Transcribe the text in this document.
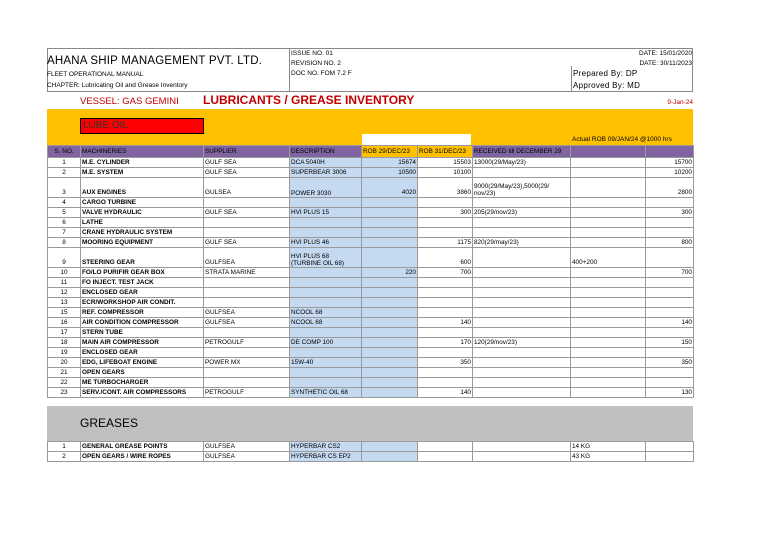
AHANA SHIP MANAGEMENT PVT. LTD.
FLEET OPERATIONAL MANUAL
CHAPTER: Lubricating Oil and Grease Inventory
ISSUE NO. 01
REVISION NO. 2
DOC NO. FOM 7.2 F
DATE: 15/01/2020
DATE: 30/11/2023
Prepared By: DP
Approved By: MD
VESSEL: GAS GEMINI LUBRICANTS / GREASE INVENTORY	9-Jan-24
LUBE OIL
Actual ROB 09/JAN/24 @1000 hrs
S. NO.	MACHINERIES	SUPPLIER	DESCRIPTION	ROB 29/DEC/23	ROB 31/DEC/23	RECEIVED till DECEMBER 29		
1	M.E. CYLINDER	GULF SEA	DCA 5040H	15674	15503	13000(29/May/23)		15700
2	M.E. SYSTEM	GULF SEA	SUPERBEAR 3006	10500	10100			10200
3	AUX ENGINES	GULSEA	POWER 3030	4020	3860	9000(29/May/23),5000(29/ nov/23)		2800
4	CARGO TURBINE							
5	VALVE HYDRAULIC	GULF SEA	HVI PLUS 15		300	205(29/nov/23)		300
6	LATHE							
7	CRANE HYDRAULIC SYSTEM							
8	MOORING EQUIPMENT	GULF SEA	HVI PLUS 46		1175	820(29/may/23)		800
9	STEERING GEAR	GULFSEA	HVI PLUS 68 (TURBINE OIL 68)		600		400+200	
10	FO/LO PURIFIR GEAR BOX	STRATA MARINE		220	700			700
11	FO INJECT. TEST JACK							
12	ENCLOSED GEAR							
13	ECR/WORKSHOP AIR CONDIT.							
15	REF. COMPRESSOR	GULFSEA	NCOOL 68					
16	AIR CONDITION COMPRESSOR	GULFSEA	NCOOL 68		140			140
17	STERN TUBE							
18	MAIN AIR COMPRESSOR	PETROGULF	DE COMP 100		170	120(29/nov/23)		150
19	ENCLOSED GEAR							
20	EDG, LIFEBOAT ENGINE	POWER MX	15W-40		350			350
21	OPEN GEARS							
22	ME TURBOCHARGER							
23	SERV./CONT. AIR COMPRESSORS	PETROGULF	SYNTHETIC OIL 68		140			130
GREASES
1	GENERAL GREASE POINTS	GULFSEA	HYPERBAR CS2				14 KG	
2	OPEN GEARS / WIRE ROPES	GULFSEA	HYPERBAR CS EP2				43 KG	
